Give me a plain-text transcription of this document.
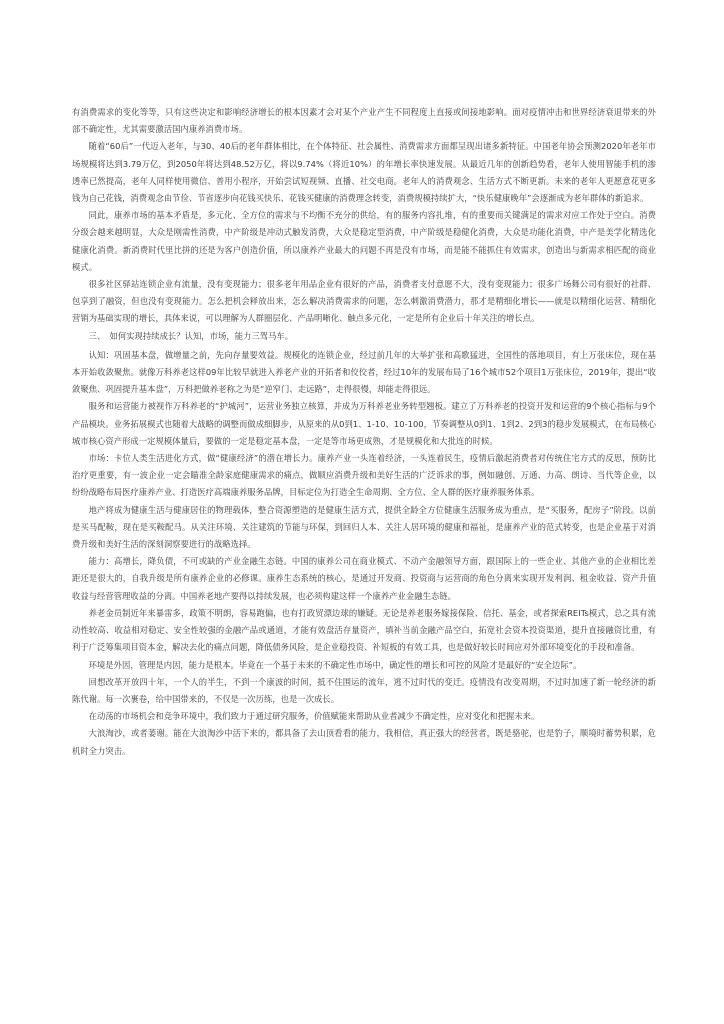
有消费需求的变化等等，只有这些决定和影响经济增长的根本因素才会对某个产业产生不同程度上直接或间接地影响。面对疫情冲击和世界经济衰退带来的外部不确定性，尤其需要激活国内康养消费市场。

随着“60后”一代迈入老年，与30、40后的老年群体相比，在个体特征、社会属性、消费需求方面都呈现出诸多新特征。中国老年协会预测2020年老年市场规模将达到3.79万亿，到2050年将达到48.52万亿，将以9.74%（将近10%）的年增长率快速发展。从最近几年的创新趋势看，老年人使用智能手机的渗透率已然提高，老年人同样使用微信、普用小程序，开始尝试短视频、直播、社交电商。老年人的消费观念、生活方式不断更新。未来的老年人更愿意花更多钱为自己花钱，消费观念由节俭、节省逐步向花钱买快乐、花钱买健康的消费理念转变，消费规模持续扩大，“快乐健康晚年”会逐渐成为老年群体的新追求。

同此，康养市场的基本矛盾是，多元化、全方位的需求与不均衡不充分的供给，有的服务内容扎堆，有的重要而关键满足的需求对应工作处于空白。消费分级会越来越明显，大众是刚需性消费，中产阶级是冲动式触发消费，大众是稳定型消费，中产阶级是稳健化消费，大众是功能化消费，中产是美学化精选化健康化消费。新消费时代里比拼的还是为客户创造价值，所以康养产业最大的问题不再是没有市场，而是能不能抓住有效需求，创造出与新需求相匹配的商业模式。

很多社区驿站连锁企业有流量，没有变现能力；很多老年用品企业有很好的产品，消费者支付意愿不大，没有变现能力；很多广场舞公司有很好的社群、包享到了融资，但也没有变现能力。怎么把机会释放出来，怎么解决消费需求的问题，怎么刺激消费潜力，那才是精细化增长——就是以精细化运营、精细化营销为基础实现的增长，具体来说，可以理解为人群圈层化、产品明晰化、触点多元化，一定是所有企业后十年关注的增长点。

三、　如何实现持续成长？认知，市场，能力三驾马车。

认知：巩固基本盘，做增量之前，先向存量要效益。规模化的连锁企业，经过前几年的大举扩张和高歌猛进，全国性的落地项目，有上万张床位，现在基本开始收敛聚焦。就像万科养老这样09年比较早就进入养老产业的开拓者和佼佼者，经过10年的发展布局了16个城市52个项目1万张床位，2019年，提出“收敛聚焦、巩固提升基本盘”，万科把做养老称之为是“逆窄门、走远路”，走得很慢，却能走得很远。

服务和运营能力被视作万科养老的“护城河”，运营业务独立核算，并成为万科养老业务转型翘板。建立了万科养老的投资开发和运营的9个核心指标与9个产品模块。业务拓展模式也随着大战略的调整而做成细脚步，从原来的从0到1、1-10、10-100，节奏调整从0到1、1到2、2到3的稳步发展模式，在布局核心城市核心资产形成一定规模体量后，要做的一定是稳定基本盘，一定是等市场更成熟，才是规模化和大批连的时候。

市场：卡位人类生活进化方式，做“健康经济”的潜在增长力。康养产业一头连着经济，一头连着民生，疫情后激起消费者对传统住宅方式的反思，预防比治疗更重要，有一波企业一定会瞄准全龄家庭健康需求的痛点，做顺应消费升级和美好生活的广泛诉求的事，例如融创、万通、力高、朗诗、当代等企业，以纷纷战略布局医疗康养产业、打造医疗高端康养服务品牌，目标定位为打造全生命周期、全方位、全人群的医疗康养服务体系。

地产将成为健康生活与健康居住的物理载体，整合资源塑造的是健康生活方式，提供全龄全方位健康生活服务成为重点，是“买服务，配房子”阶段。以前是买马配鞍，现在是买鞍配马。从关注环境、关注建筑的节能与环保，到回归人本、关注人居环境的健康和福祉，是康养产业的范式转变，也是企业基于对消费升级和美好生活的深刻洞察要进行的战略选择。

能力：高增长，降负债，不可或缺的产业金融生态链。中国的康养公司在商业模式、不动产金融领导方面，跟国际上的一些企业、其他产业的企业相比差距还是很大的，自我升级是所有康养企业的必修课。康养生态系统的核心，是通过开发商、投资商与运营商的角色分离来实现开发利润、租金收益、资产升值收益与经营管理收益的分离。中国养老地产要得以持续发展，也必须构建这样一个康养产业金融生态链。

养老金员制近年来暴雷多，政策不明朗，容易跑偏，也有打政贸漂边球的嫌疑。无论是养老服务嫁接保险、信托、基金，或者探索REITs模式，总之具有流动性较高、收益相对稳定、安全性较强的金融产品或通道，才能有效盘活存量资产，填补当前金融产品空白，拓宽社会资本投资渠道，提升直接融资比重，有利于广泛筹集项目资本金，解决去化的痛点问题，降低债务风险，是企业稳投资、补短板的有效工具，也是做好较长时间应对外部环境变化的手段和准备。

环境是外因，管理是内因，能力是根本。毕竟在一个基于未来的不确定性市场中，确定性的增长和可控的风险才是最好的“安全边际”。

回想改革开放四十年，一个人的半生，不到一个康波的时间，抵不住围运的流年，逃不过时代的变迁。疫情没有改变周期，不过时加速了新一轮经济的新陈代谢。每一次裹卷，给中国带来的，不仅是一次历练，也是一次成长。

在动荡的市场机会和竞争环境中，我们致力于通过研究服务，价值赋能来帮助从业者减少不确定性，应对变化和把握未来。

大浪淘沙，或者萎谢。能在大浪淘沙中活下来的，都具备了去山顶看看的能力，我相信，真正强大的经营者，既是骆驼，也是豹子，顺境时蓄势积累，危机时全力突击。
